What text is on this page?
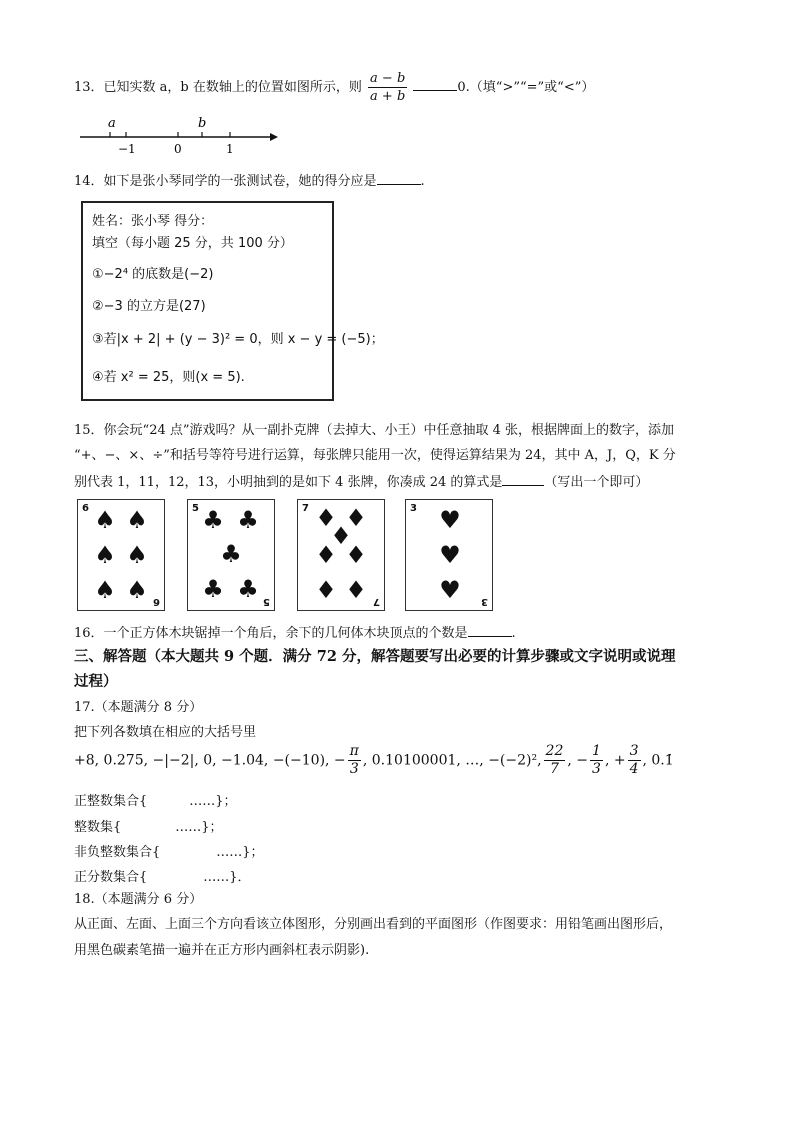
13．已知实数 a，b 在数轴上的位置如图所示，则 $\frac{a - b}{a + b}$	0.（填“>”“=”或“<”）
a	b
−1	0	1
14．如下是张小琴同学的一张测试卷，她的得分应是	.
姓名：张小琴 得分：
填空（每小题 25 分，共 100 分）
①−2⁴ 的底数是(−2)
②−3 的立方是(27)
③若|x + 2| + (y − 3)² = 0，则 x − y = (−5)；
④若 x² = 25，则(x = 5).
15．你会玩“24 点”游戏吗？从一副扑克牌（去掉大、小王）中任意抽取 4 张，根据牌面上的数字，添加
“+、−、×、÷”和括号等符号进行运算，每张牌只能用一次，使得运算结果为 24，其中 A，J，Q，K 分
别代表 1，11，12，13，小明抽到的是如下 4 张牌，你凑成 24 的算式是	（写出一个即可）
6
6
♠ ♠
♠ ♠
♠ ♠
5
5
♣ ♣
♣
♣ ♣
7
7
♦ ♦
♦
♦ ♦
♦ ♦
3
3
♥
♥
♥
16．一个正方体木块锯掉一个角后，余下的几何体木块顶点的个数是	.
三、解答题（本大题共 9 个题．满分 72 分，解答题要写出必要的计算步骤或文字说明或说理
过程）
17.（本题满分 8 分）
把下列各数填在相应的大括号里
+8, 0.275, −|−2|, 0, −1.04, −(−10), − $\frac{\pi}{3}$ , 0.10100001, …, −(−2)², $\frac{22}{7}$ , − $\frac{1}{3}$ , + $\frac{3}{4}$ , 0.1̇
正整数集合{	……}；
整数集{	……}；
非负整数集合{	……}；
正分数集合{	……}．
18.（本题满分 6 分）
从正面、左面、上面三个方向看该立体图形，分别画出看到的平面图形（作图要求：用铅笔画出图形后，
用黑色碳素笔描一遍并在正方形内画斜杠表示阴影).
